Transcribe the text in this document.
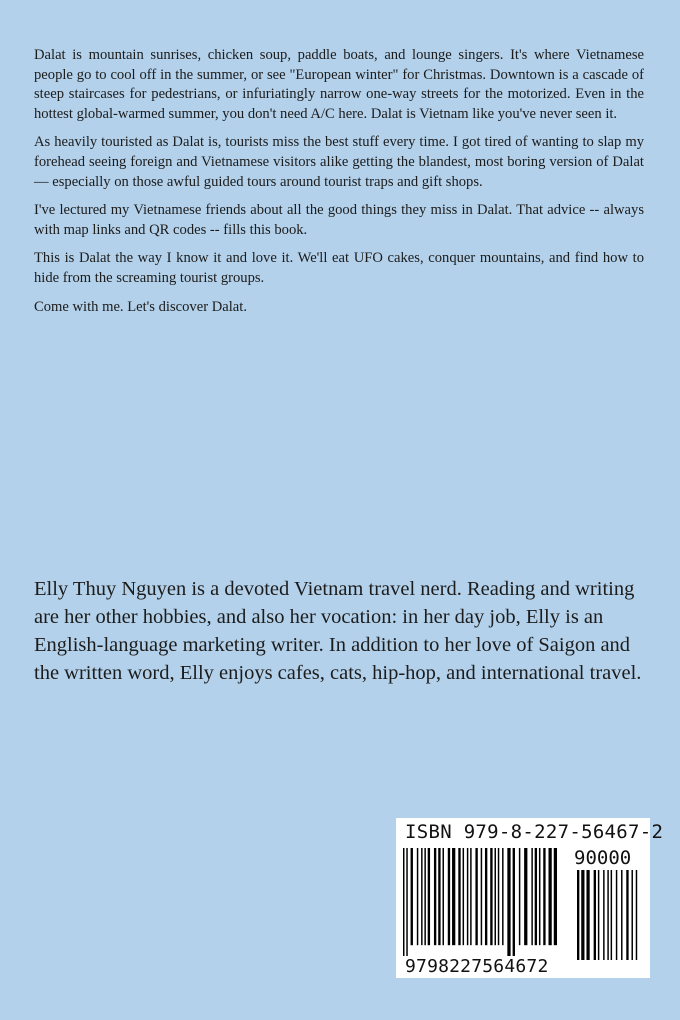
Dalat is mountain sunrises, chicken soup, paddle boats, and lounge singers. It's where Vietnamese people go to cool off in the summer, or see "European winter" for Christmas. Downtown is a cascade of steep staircases for pedestrians, or infuriatingly narrow one-way streets for the motorized. Even in the hottest global-warmed summer, you don't need A/C here. Dalat is Vietnam like you've never seen it.

As heavily touristed as Dalat is, tourists miss the best stuff every time. I got tired of wanting to slap my forehead seeing foreign and Vietnamese visitors alike getting the blandest, most boring version of Dalat — especially on those awful guided tours around tourist traps and gift shops.

I've lectured my Vietnamese friends about all the good things they miss in Dalat. That advice -- always with map links and QR codes -- fills this book.

This is Dalat the way I know it and love it. We'll eat UFO cakes, conquer mountains, and find how to hide from the screaming tourist groups.

Come with me. Let's discover Dalat.

Elly Thuy Nguyen is a devoted Vietnam travel nerd. Reading and writing are her other hobbies, and also her vocation: in her day job, Elly is an English-language marketing writer. In addition to her love of Saigon and the written word, Elly enjoys cafes, cats, hip-hop, and international travel.

ISBN 979-8-227-56467-2
90000
9798227564672
